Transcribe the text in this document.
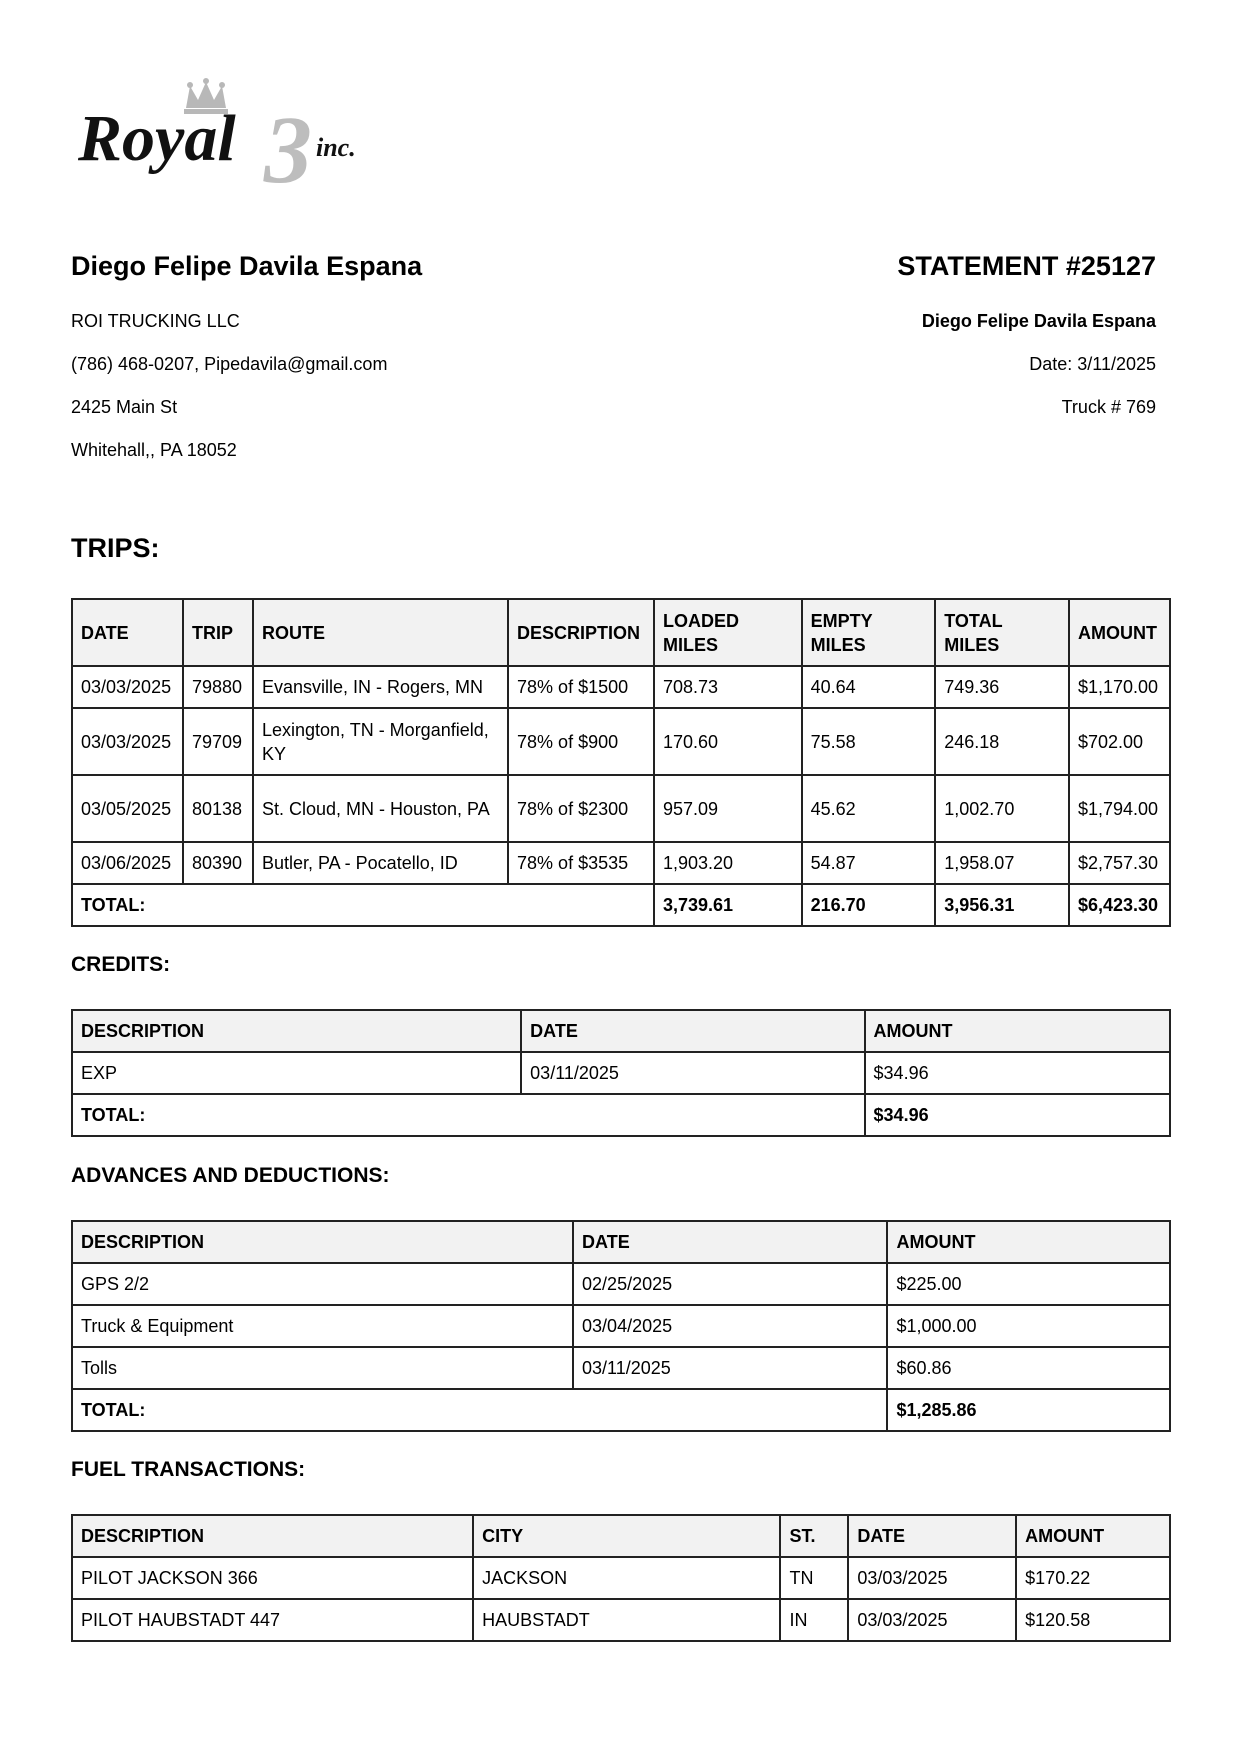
3
Royal	inc.
Diego Felipe Davila Espana
ROI TRUCKING LLC
(786) 468-0207, Pipedavila@gmail.com
2425 Main St
Whitehall,, PA 18052
STATEMENT #25127
Diego Felipe Davila Espana
Date: 3/11/2025
Truck # 769
TRIPS:
DATE	TRIP	ROUTE	DESCRIPTION	LOADED MILES	EMPTY MILES	TOTAL MILES	AMOUNT
03/03/2025	79880	Evansville, IN - Rogers, MN	78% of $1500	708.73	40.64	749.36	$1,170.00
03/03/2025	79709	Lexington, TN - Morganfield, KY	78% of $900	170.60	75.58	246.18	$702.00
03/05/2025	80138	St. Cloud, MN - Houston, PA	78% of $2300	957.09	45.62	1,002.70	$1,794.00
03/06/2025	80390	Butler, PA - Pocatello, ID	78% of $3535	1,903.20	54.87	1,958.07	$2,757.30
TOTAL:				3,739.61	216.70	3,956.31	$6,423.30
CREDITS:
DESCRIPTION	DATE	AMOUNT
EXP	03/11/2025	$34.96
TOTAL:		$34.96
ADVANCES AND DEDUCTIONS:
DESCRIPTION	DATE	AMOUNT
GPS 2/2	02/25/2025	$225.00
Truck & Equipment	03/04/2025	$1,000.00
Tolls	03/11/2025	$60.86
TOTAL:		$1,285.86
FUEL TRANSACTIONS:
DESCRIPTION	CITY	ST.	DATE	AMOUNT
PILOT JACKSON 366	JACKSON	TN	03/03/2025	$170.22
PILOT HAUBSTADT 447	HAUBSTADT	IN	03/03/2025	$120.58
